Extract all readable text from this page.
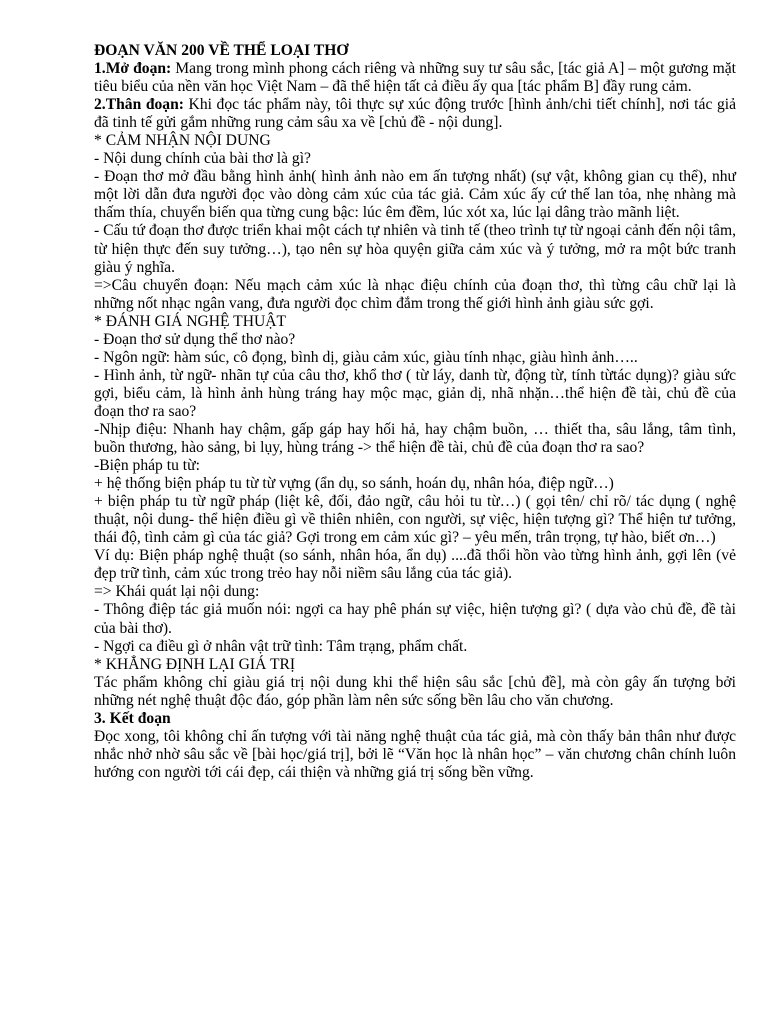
ĐOẠN VĂN 200 VỀ THỂ LOẠI THƠ

1.Mở đoạn: Mang trong mình phong cách riêng và những suy tư sâu sắc, [tác giả A] – một gương mặt tiêu biểu của nền văn học Việt Nam – đã thể hiện tất cả điều ấy qua [tác phẩm B] đầy rung cảm.

2.Thân đoạn: Khi đọc tác phẩm này, tôi thực sự xúc động trước [hình ảnh/chi tiết chính], nơi tác giả đã tinh tế gửi gắm những rung cảm sâu xa về [chủ đề - nội dung].

* CẢM NHẬN NỘI DUNG

- Nội dung chính của bài thơ là gì?

- Đoạn thơ mở đầu bằng hình ảnh( hình ảnh nào em ấn tượng nhất) (sự vật, không gian cụ thể), như một lời dẫn đưa người đọc vào dòng cảm xúc của tác giả. Cảm xúc ấy cứ thế lan tỏa, nhẹ nhàng mà thấm thía, chuyển biến qua từng cung bậc: lúc êm đềm, lúc xót xa, lúc lại dâng trào mãnh liệt.

- Cấu tứ đoạn thơ được triển khai một cách tự nhiên và tinh tế (theo trình tự từ ngoại cảnh đến nội tâm, từ hiện thực đến suy tưởng…), tạo nên sự hòa quyện giữa cảm xúc và ý tưởng, mở ra một bức tranh giàu ý nghĩa.

=>Câu chuyển đoạn: Nếu mạch cảm xúc là nhạc điệu chính của đoạn thơ, thì từng câu chữ lại là những nốt nhạc ngân vang, đưa người đọc chìm đắm trong thế giới hình ảnh giàu sức gợi.

* ĐÁNH GIÁ NGHỆ THUẬT

- Đoạn thơ sử dụng thể thơ nào?

- Ngôn ngữ: hàm súc, cô đọng, bình dị, giàu cảm xúc, giàu tính nhạc, giàu hình ảnh…..

- Hình ảnh, từ ngữ- nhãn tự của câu thơ, khổ thơ ( từ láy, danh từ, động từ, tính từtác dụng)? giàu sức gợi, biểu cảm, là hình ảnh hùng tráng hay mộc mạc, giản dị, nhã nhặn…thể hiện đề tài, chủ đề của đoạn thơ ra sao?

-Nhịp điệu: Nhanh hay chậm, gấp gáp hay hối hả, hay chậm buồn, … thiết tha, sâu lắng, tâm tình, buồn thương, hào sảng, bi lụy, hùng tráng -> thể hiện đề tài, chủ đề của đoạn thơ ra sao?

-Biện pháp tu từ:

+ hệ thống biện pháp tu từ từ vựng (ẩn dụ, so sánh, hoán dụ, nhân hóa, điệp ngữ…)

+ biện pháp tu từ ngữ pháp (liệt kê, đối, đảo ngữ, câu hỏi tu từ…) ( gọi tên/ chỉ rõ/ tác dụng ( nghệ thuật, nội dung- thể hiện điều gì về thiên nhiên, con người, sự việc, hiện tượng gì? Thể hiện tư tưởng, thái độ, tình cảm gì của tác giả? Gợi trong em cảm xúc gì? – yêu mến, trân trọng, tự hào, biết ơn…)

Ví dụ: Biện pháp nghệ thuật (so sánh, nhân hóa, ẩn dụ) ....đã thổi hồn vào từng hình ảnh, gợi lên (vẻ đẹp trữ tình, cảm xúc trong trẻo hay nỗi niềm sâu lắng của tác giả).

=> Khái quát lại nội dung:

- Thông điệp tác giả muốn nói: ngợi ca hay phê phán sự việc, hiện tượng gì? ( dựa vào chủ đề, đề tài của bài thơ).

- Ngợi ca điều gì ở nhân vật trữ tình: Tâm trạng, phẩm chất.

* KHẲNG ĐỊNH LẠI GIÁ TRỊ

Tác phẩm không chỉ giàu giá trị nội dung khi thể hiện sâu sắc [chủ đề], mà còn gây ấn tượng bởi những nét nghệ thuật độc đáo, góp phần làm nên sức sống bền lâu cho văn chương.

3. Kết đoạn

Đọc xong, tôi không chỉ ấn tượng với tài năng nghệ thuật của tác giả, mà còn thấy bản thân như được nhắc nhở nhờ sâu sắc về [bài học/giá trị], bởi lẽ “Văn học là nhân học” – văn chương chân chính luôn hướng con người tới cái đẹp, cái thiện và những giá trị sống bền vững.
